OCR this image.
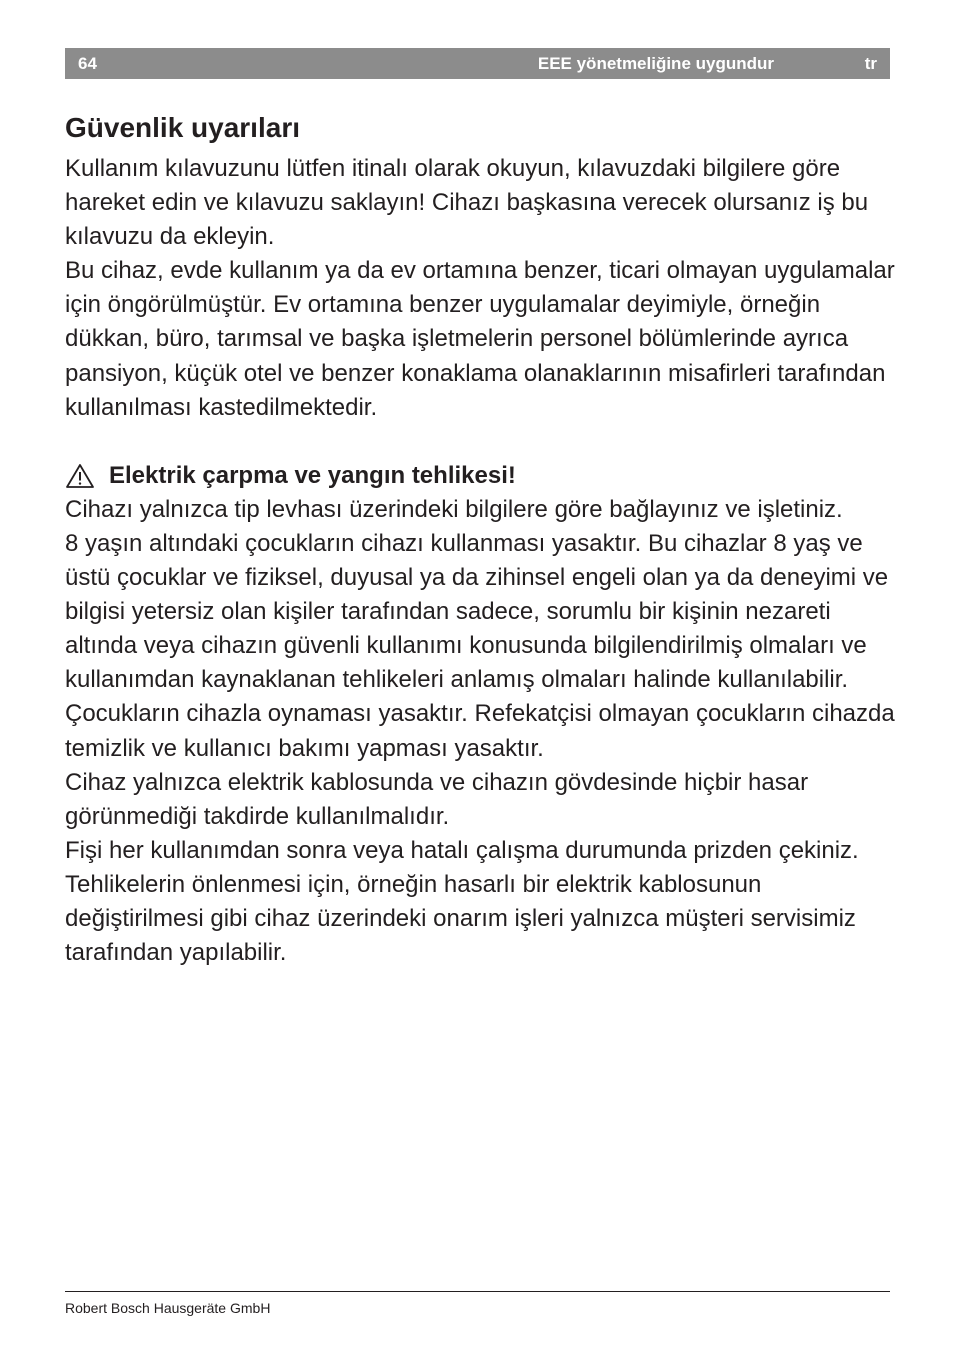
64	EEE yönetmeliğine uygundur	tr
Güvenlik uyarıları

Kullanım kılavuzunu lütfen itinalı olarak okuyun, kılavuzdaki bilgilere göre hareket edin ve kılavuzu saklayın! Cihazı başkasına verecek olursanız iş bu kılavuzu da ekleyin.

Bu cihaz, evde kullanım ya da ev ortamına benzer, ticari olmayan uygulamalar için öngörülmüştür. Ev ortamına benzer uygulamalar deyimiyle, örneğin dükkan, büro, tarımsal ve başka işletmelerin personel bölümlerinde ayrıca pansiyon, küçük otel ve benzer konaklama olanaklarının misafirleri tarafından kullanılması kastedilmektedir.

Elektrik çarpma ve yangın tehlikesi!

Cihazı yalnızca tip levhası üzerindeki bilgilere göre bağlayınız ve işletiniz.

8 yaşın altındaki çocukların cihazı kullanması yasaktır. Bu cihazlar 8 yaş ve üstü çocuklar ve fiziksel, duyusal ya da zihinsel engeli olan ya da deneyimi ve bilgisi yetersiz olan kişiler tarafından sadece, sorumlu bir kişinin nezareti altında veya cihazın güvenli kullanımı konusunda bilgilendirilmiş olmaları ve kullanımdan kaynaklanan tehlikeleri anlamış olmaları halinde kullanılabilir. Çocukların cihazla oynaması yasaktır. Refekatçisi olmayan çocukların cihazda temizlik ve kullanıcı bakımı yapması yasaktır.

Cihaz yalnızca elektrik kablosunda ve cihazın gövdesinde hiçbir hasar görünmediği takdirde kullanılmalıdır.

Fişi her kullanımdan sonra veya hatalı çalışma durumunda prizden çekiniz.

Tehlikelerin önlenmesi için, örneğin hasarlı bir elektrik kablosunun değiştirilmesi gibi cihaz üzerindeki onarım işleri yalnızca müşteri servisimiz tarafından yapılabilir.

Robert Bosch Hausgeräte GmbH
